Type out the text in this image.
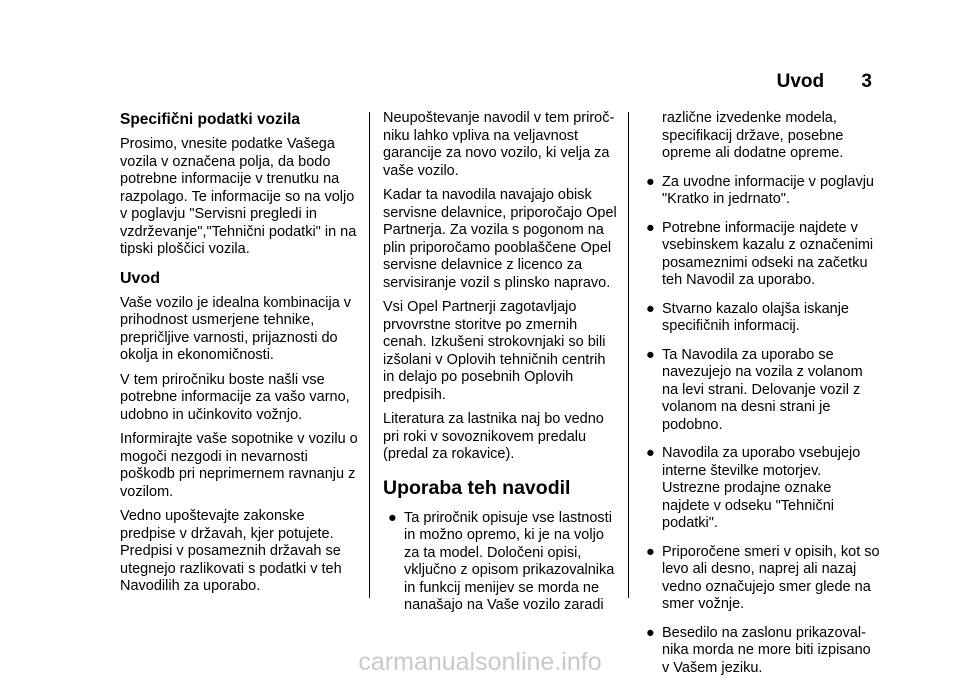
Uvod 3
Specifični podatki vozila

Prosimo, vnesite podatke Vašega vozila v označena polja, da bodo potrebne informacije v trenutku na razpolago. Te informacije so na voljo v poglavju "Servisni pregledi in vzdrževanje","Tehnični podatki" in na tipski ploščici vozila.

Uvod

Vaše vozilo je idealna kombinacija v prihodnost usmerjene tehnike, prepričljive varnosti, prijaznosti do okolja in ekonomičnosti.

V tem priročniku boste našli vse potrebne informacije za vašo varno, udobno in učinkovito vožnjo.

Informirajte vaše sopotnike v vozilu o mogoči nezgodi in nevarnosti poškodb pri neprimernem ravnanju z vozilom.

Vedno upoštevajte zakonske predpise v državah, kjer potujete. Predpisi v posameznih državah se utegnejo razlikovati s podatki v teh Navodilih za uporabo.

Neupoštevanje navodil v tem priroč-niku lahko vpliva na veljavnost garancije za novo vozilo, ki velja za vaše vozilo.

Kadar ta navodila navajajo obisk servisne delavnice, priporočajo Opel Partnerja. Za vozila s pogonom na plin priporočamo pooblaščene Opel servisne delavnice z licenco za servisiranje vozil s plinsko napravo.

Vsi Opel Partnerji zagotavljajo prvovrstne storitve po zmernih cenah. Izkušeni strokovnjaki so bili izšolani v Oplovih tehničnih centrih in delajo po posebnih Oplovih predpisih.

Literatura za lastnika naj bo vedno pri roki v sovoznikovem predalu (predal za rokavice).

Uporaba teh navodil
● Ta priročnik opisuje vse lastnosti in možno opremo, ki je na voljo za ta model. Določeni opisi, vključno z opisom prikazovalnika in funkcij menijev se morda ne nanašajo na Vaše vozilo zaradi
različne izvedenke modela, specifikacij države, posebne opreme ali dodatne opreme.
● Za uvodne informacije v poglavju "Kratko in jedrnato".
● Potrebne informacije najdete v vsebinskem kazalu z označenimi posameznimi odseki na začetku teh Navodil za uporabo.
● Stvarno kazalo olajša iskanje specifičnih informacij.
● Ta Navodila za uporabo se navezujejo na vozila z volanom na levi strani. Delovanje vozil z volanom na desni strani je podobno.
● Navodila za uporabo vsebujejo interne številke motorjev. Ustrezne prodajne oznake najdete v odseku "Tehnični podatki".
● Priporočene smeri v opisih, kot so levo ali desno, naprej ali nazaj vedno označujejo smer glede na smer vožnje.
● Besedilo na zaslonu prikazoval-nika morda ne more biti izpisano v Vašem jeziku.
carmanualsonline.info
